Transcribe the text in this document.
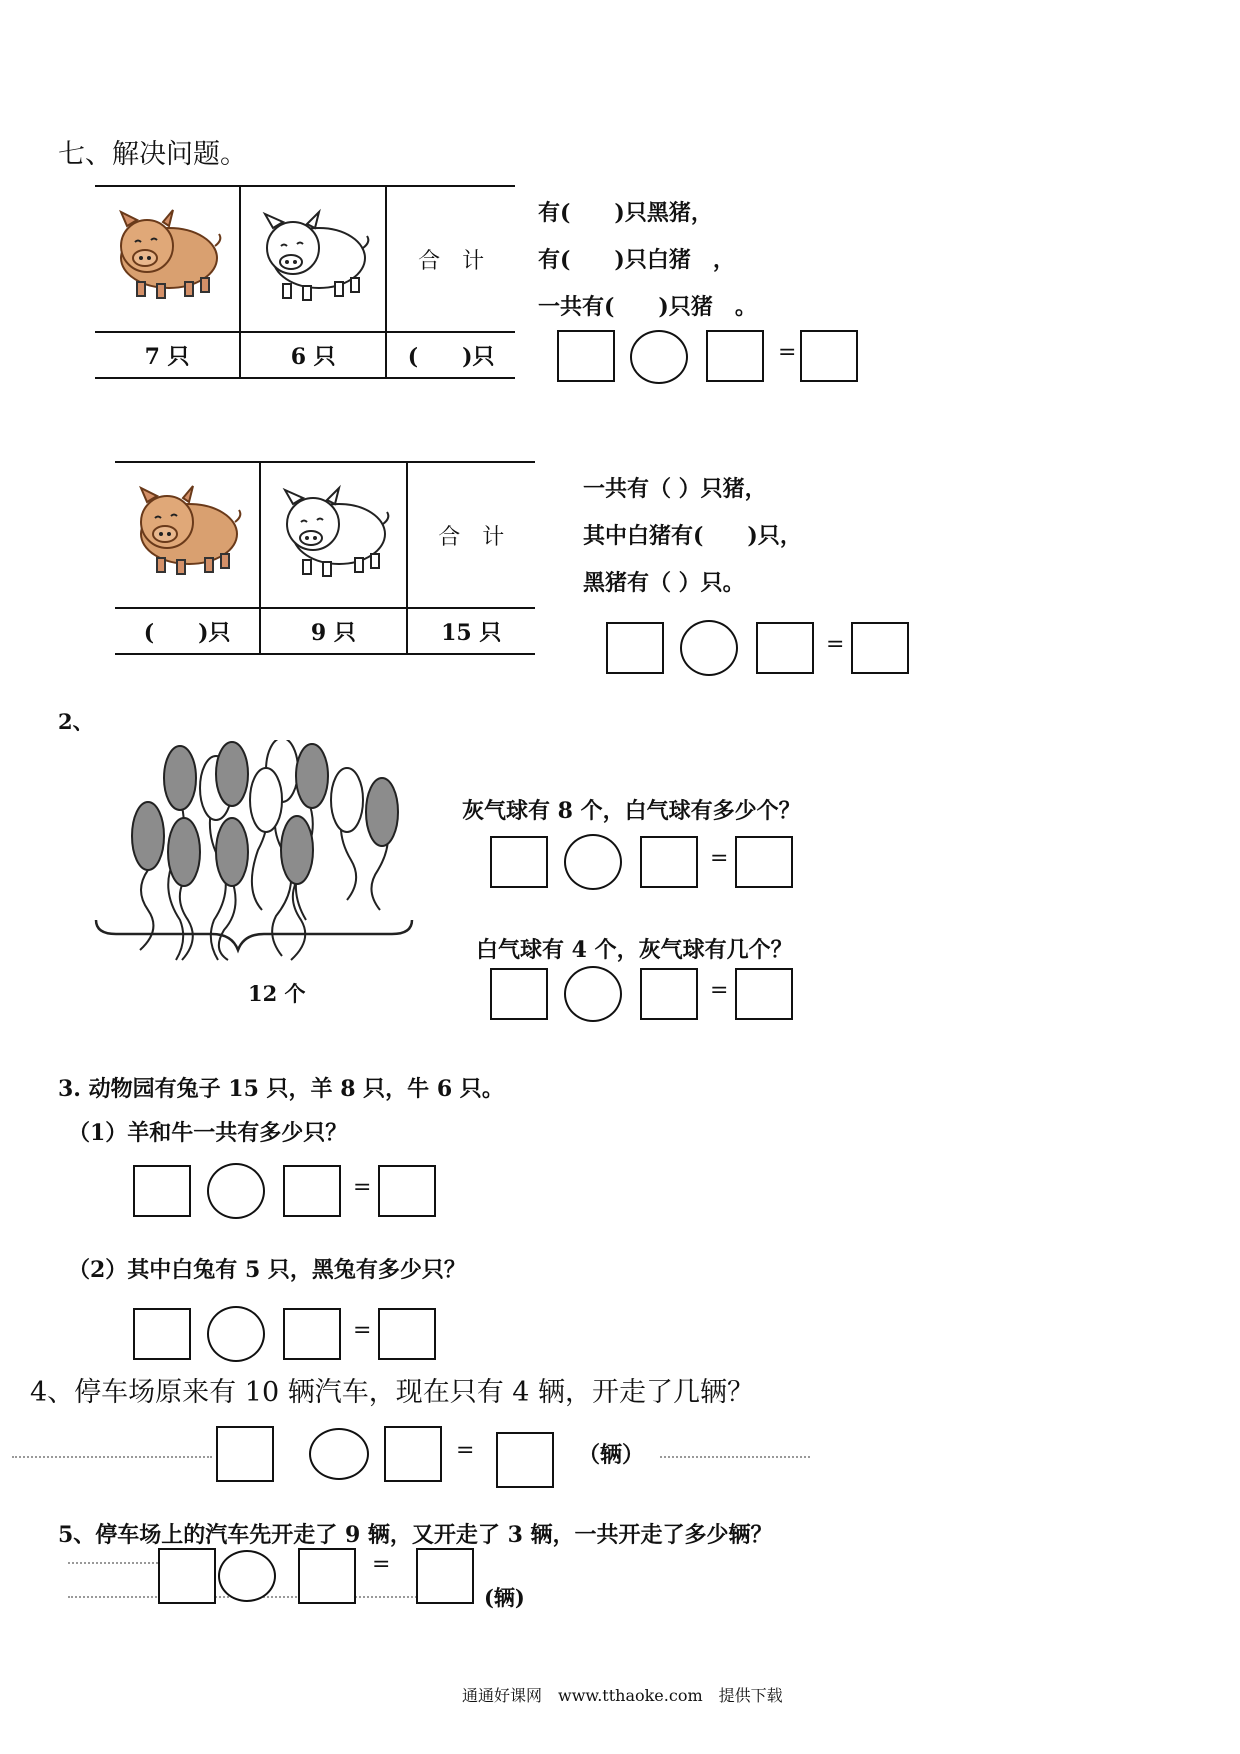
七、解决问题。
		合　计
7 只	6 只	(　　)只
有(　　)只黑猪，
有(　　)只白猪　，
一共有(　　)只猪　。
=
		合　计
(　　)只	9 只	15 只
一共有（ ）只猪，
其中白猪有(　　)只，
黑猪有（ ）只。
=
2、
12 个
灰气球有 8 个，白气球有多少个？
=
白气球有 4 个，灰气球有几个？
=
3. 动物园有兔子 15 只，羊 8 只，牛 6 只。
（1）羊和牛一共有多少只？
=
（2）其中白兔有 5 只，黑兔有多少只？
=
4、停车场原来有 10 辆汽车，现在只有 4 辆，开走了几辆？
=	（辆）
5、停车场上的汽车先开走了 9 辆，又开走了 3 辆，一共开走了多少辆？
=
(辆)
通通好课网　www.tthaoke.com　提供下载
